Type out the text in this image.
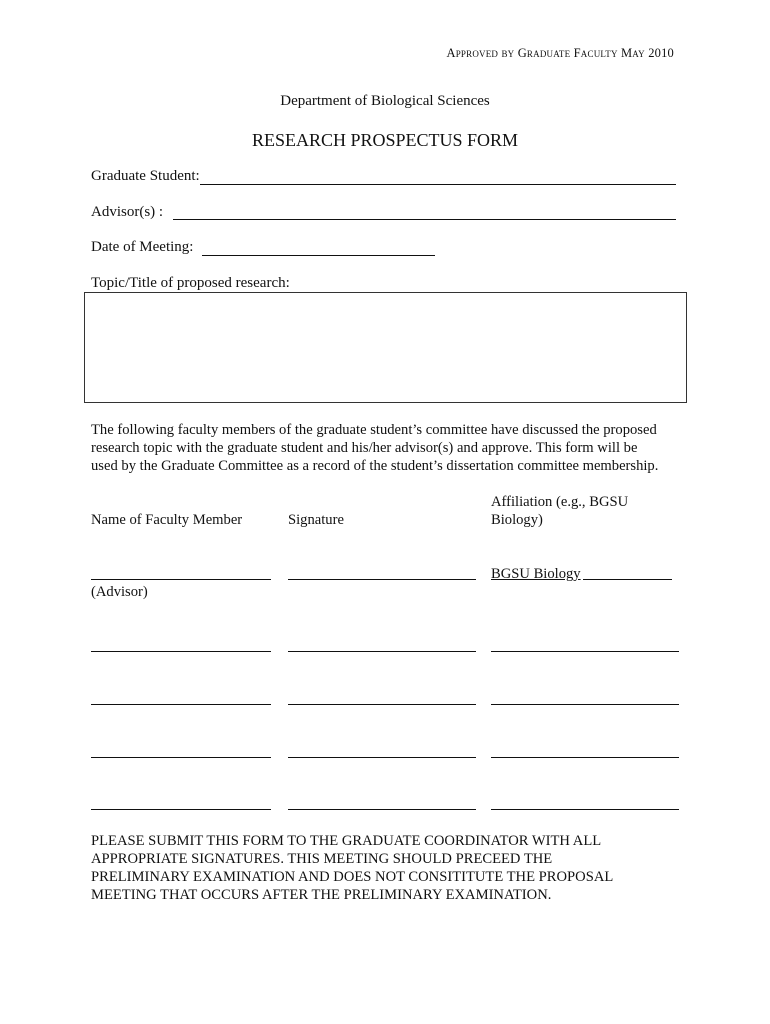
Approved by Graduate Faculty May 2010
Department of Biological Sciences
RESEARCH PROSPECTUS FORM
Graduate Student:
Advisor(s) :
Date of Meeting:
Topic/Title of proposed research:
The following faculty members of the graduate student’s committee have discussed the proposed
research topic with the graduate student and his/her advisor(s) and approve. This form will be
used by the Graduate Committee as a record of the student’s dissertation committee membership.
Name of Faculty Member	Signature
Affiliation (e.g., BGSU
Biology)
BGSU Biology
(Advisor)
PLEASE SUBMIT THIS FORM TO THE GRADUATE COORDINATOR WITH ALL
APPROPRIATE SIGNATURES. THIS MEETING SHOULD PRECEED THE
PRELIMINARY EXAMINATION AND DOES NOT CONSITITUTE THE PROPOSAL
MEETING THAT OCCURS AFTER THE PRELIMINARY EXAMINATION.
